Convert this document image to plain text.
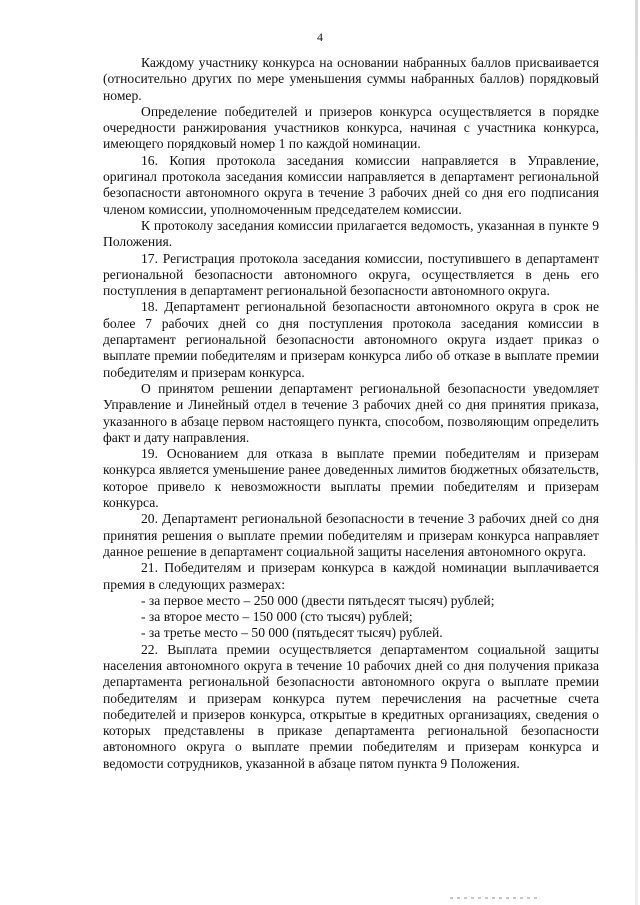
4

Каждому участнику конкурса на основании набранных баллов присваивается (относительно других по мере уменьшения суммы набранных баллов) порядковый номер.

Определение победителей и призеров конкурса осуществляется в порядке очередности ранжирования участников конкурса, начиная с участника конкурса, имеющего порядковый номер 1 по каждой номинации.

16. Копия протокола заседания комиссии направляется в Управление, оригинал протокола заседания комиссии направляется в департамент региональной безопасности автономного округа в течение 3 рабочих дней со дня его подписания членом комиссии, уполномоченным председателем комиссии.

К протоколу заседания комиссии прилагается ведомость, указанная в пункте 9 Положения.

17. Регистрация протокола заседания комиссии, поступившего в департамент региональной безопасности автономного округа, осуществляется в день его поступления в департамент региональной безопасности автономного округа.

18. Департамент региональной безопасности автономного округа в срок не более 7 рабочих дней со дня поступления протокола заседания комиссии в департамент региональной безопасности автономного округа издает приказ о выплате премии победителям и призерам конкурса либо об отказе в выплате премии победителям и призерам конкурса.

О принятом решении департамент региональной безопасности уведомляет Управление и Линейный отдел в течение 3 рабочих дней со дня принятия приказа, указанного в абзаце первом настоящего пункта, способом, позволяющим определить факт и дату направления.

19. Основанием для отказа в выплате премии победителям и призерам конкурса является уменьшение ранее доведенных лимитов бюджетных обязательств, которое привело к невозможности выплаты премии победителям и призерам конкурса.

20. Департамент региональной безопасности в течение 3 рабочих дней со дня принятия решения о выплате премии победителям и призерам конкурса направляет данное решение в департамент социальной защиты населения автономного округа.

21. Победителям и призерам конкурса в каждой номинации выплачивается премия в следующих размерах:

- за первое место – 250 000 (двести пятьдесят тысяч) рублей;

- за второе место – 150 000 (сто тысяч) рублей;

- за третье место – 50 000 (пятьдесят тысяч) рублей.

22. Выплата премии осуществляется департаментом социальной защиты населения автономного округа в течение 10 рабочих дней со дня получения приказа департамента региональной безопасности автономного округа о выплате премии победителям и призерам конкурса путем перечисления на расчетные счета победителей и призеров конкурса, открытые в кредитных организациях, сведения о которых представлены в приказе департамента региональной безопасности автономного округа о выплате премии победителям и призерам конкурса и ведомости сотрудников, указанной в абзаце пятом пункта 9 Положения.
